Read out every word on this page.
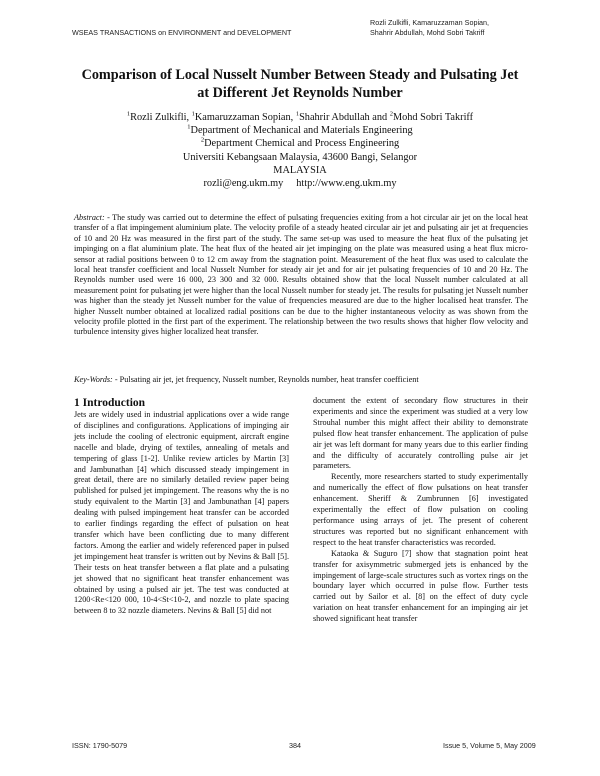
WSEAS TRANSACTIONS on ENVIRONMENT and DEVELOPMENT
Rozli Zulkifli, Kamaruzzaman Sopian,
Shahrir Abdullah, Mohd Sobri Takriff
Comparison of Local Nusselt Number Between Steady and Pulsating Jet
at Different Jet Reynolds Number
$^1$Rozli Zulkifli, $^1$Kamaruzzaman Sopian, $^1$Shahrir Abdullah and $^2$Mohd Sobri Takriff
$^1$Department of Mechanical and Materials Engineering
$^2$Department Chemical and Process Engineering
Universiti Kebangsaan Malaysia, 43600 Bangi, Selangor
MALAYSIA
rozli@eng.ukm.my     http://www.eng.ukm.my
Abstract: - The study was carried out to determine the effect of pulsating frequencies exiting from a hot circular air jet on the local heat transfer of a flat impingement aluminium plate. The velocity profile of a steady heated circular air jet and pulsating air jet at frequencies of 10 and 20 Hz was measured in the first part of the study. The same set-up was used to measure the heat flux of the pulsating jet impinging on a flat aluminium plate. The heat flux of the heated air jet impinging on the plate was measured using a heat flux micro-sensor at radial positions between 0 to 12 cm away from the stagnation point. Measurement of the heat flux was used to calculate the local heat transfer coefficient and local Nusselt Number for steady air jet and for air jet pulsating frequencies of 10 and 20 Hz. The Reynolds number used were 16 000, 23 300 and 32 000. Results obtained show that the local Nusselt number calculated at all measurement point for pulsating jet were higher than the local Nusselt number for steady jet. The results for pulsating jet Nusselt number was higher than the steady jet Nusselt number for the value of frequencies measured are due to the higher localised heat transfer. The higher Nusselt number obtained at localized radial positions can be due to the higher instantaneous velocity as was shown from the velocity profile plotted in the first part of the experiment. The relationship between the two results shows that higher flow velocity and turbulence intensity gives higher localized heat transfer.
Key-Words: - Pulsating air jet, jet frequency, Nusselt number, Reynolds number, heat transfer coefficient
1 Introduction

Jets are widely used in industrial applications over a wide range of disciplines and configurations. Applications of impinging air jets include the cooling of electronic equipment, aircraft engine nacelle and blade, drying of textiles, annealing of metals and tempering of glass [1-2]. Unlike review articles by Martin [3] and Jambunathan [4] which discussed steady impingement in great detail, there are no similarly detailed review paper being published for pulsed jet impingement. The reasons why the is no study equivalent to the Martin [3] and Jambunathan [4] papers dealing with pulsed impingement heat transfer can be accorded to earlier findings regarding the effect of pulsation on heat transfer which have been conflicting due to many different factors. Among the earlier and widely referenced paper in pulsed jet impingement heat transfer is written out by Nevins & Ball [5]. Their tests on heat transfer between a flat plate and a pulsating jet showed that no significant heat transfer enhancement was obtained by using a pulsed air jet. The test was conducted at 1200<Re<120 000, 10-4<St<10-2, and nozzle to plate spacing between 8 to 32 nozzle diameters. Nevins & Ball [5] did not

document the extent of secondary flow structures in their experiments and since the experiment was studied at a very low Strouhal number this might affect their ability to demonstrate pulsed flow heat transfer enhancement. The application of pulse air jet was left dormant for many years due to this earlier finding and the difficulty of accurately controlling pulse air jet parameters.

Recently, more researchers started to study experimentally and numerically the effect of flow pulsations on heat transfer enhancement. Sheriff & Zumbrunnen [6] investigated experimentally the effect of flow pulsation on cooling performance using arrays of jet. The present of coherent structures was reported but no significant enhancement with respect to the heat transfer characteristics was recorded.

Kataoka & Suguro [7] show that stagnation point heat transfer for axisymmetric submerged jets is enhanced by the impingement of large-scale structures such as vortex rings on the boundary layer which occurred in pulse flow. Further tests carried out by Sailor et al. [8] on the effect of duty cycle variation on heat transfer enhancement for an impinging air jet showed significant heat transfer

ISSN: 1790-5079	384	Issue 5, Volume 5, May 2009
